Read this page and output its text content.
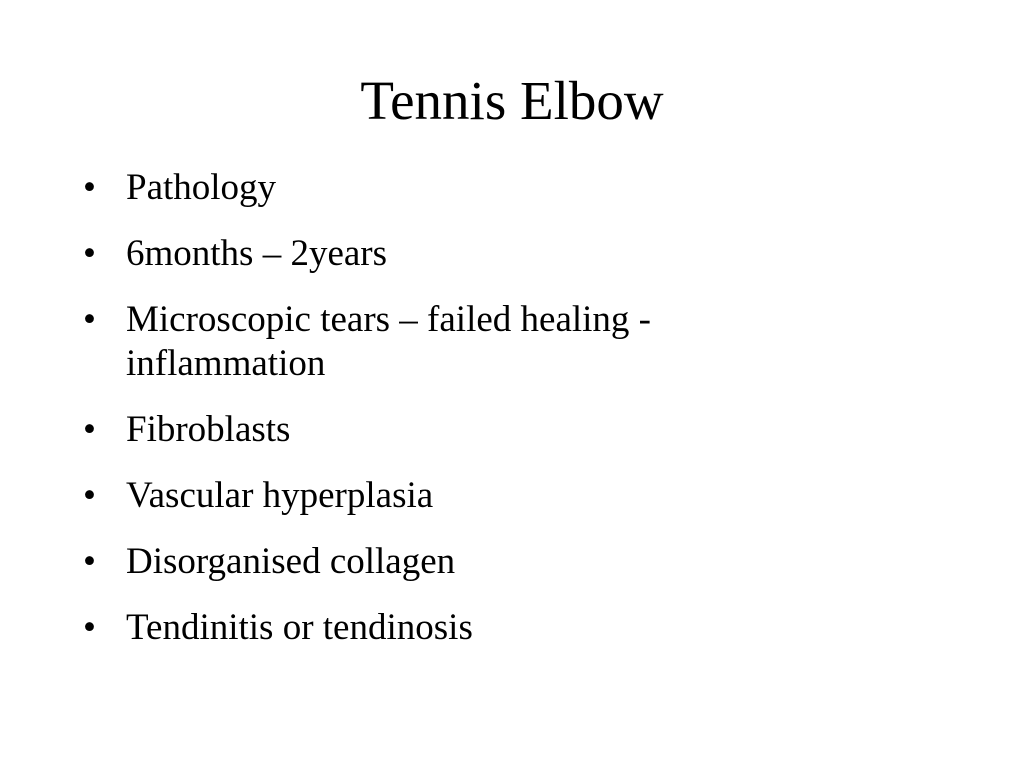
Tennis Elbow
• Pathology
• 6months – 2years
• Microscopic tears – failed healing - inflammation
• Fibroblasts
• Vascular hyperplasia
• Disorganised collagen
• Tendinitis or tendinosis
